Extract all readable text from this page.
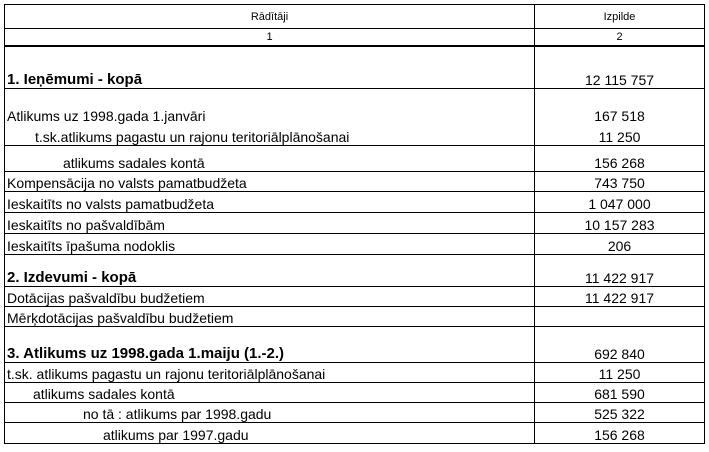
Rādītāji	Izpilde
1	2
1. Ieņēmumi - kopā	12 115 757
Atlikums uz 1998.gada 1.janvāri	167 518
t.sk.atlikums pagastu un rajonu teritoriālplānošanai	11 250
atlikums sadales kontā	156 268
Kompensācija no valsts pamatbudžeta	743 750
Ieskaitīts no valsts pamatbudžeta	1 047 000
Ieskaitīts no pašvaldībām	10 157 283
Ieskaitīts īpašuma nodoklis	206
2. Izdevumi - kopā	11 422 917
Dotācijas pašvaldību budžetiem	11 422 917
Mērķdotācijas pašvaldību budžetiem	
3. Atlikums uz 1998.gada 1.maiju (1.-2.)	692 840
t.sk. atlikums pagastu un rajonu teritoriālplānošanai	11 250
atlikums sadales kontā	681 590
no tā : atlikums par 1998.gadu	525 322
atlikums par 1997.gadu	156 268
